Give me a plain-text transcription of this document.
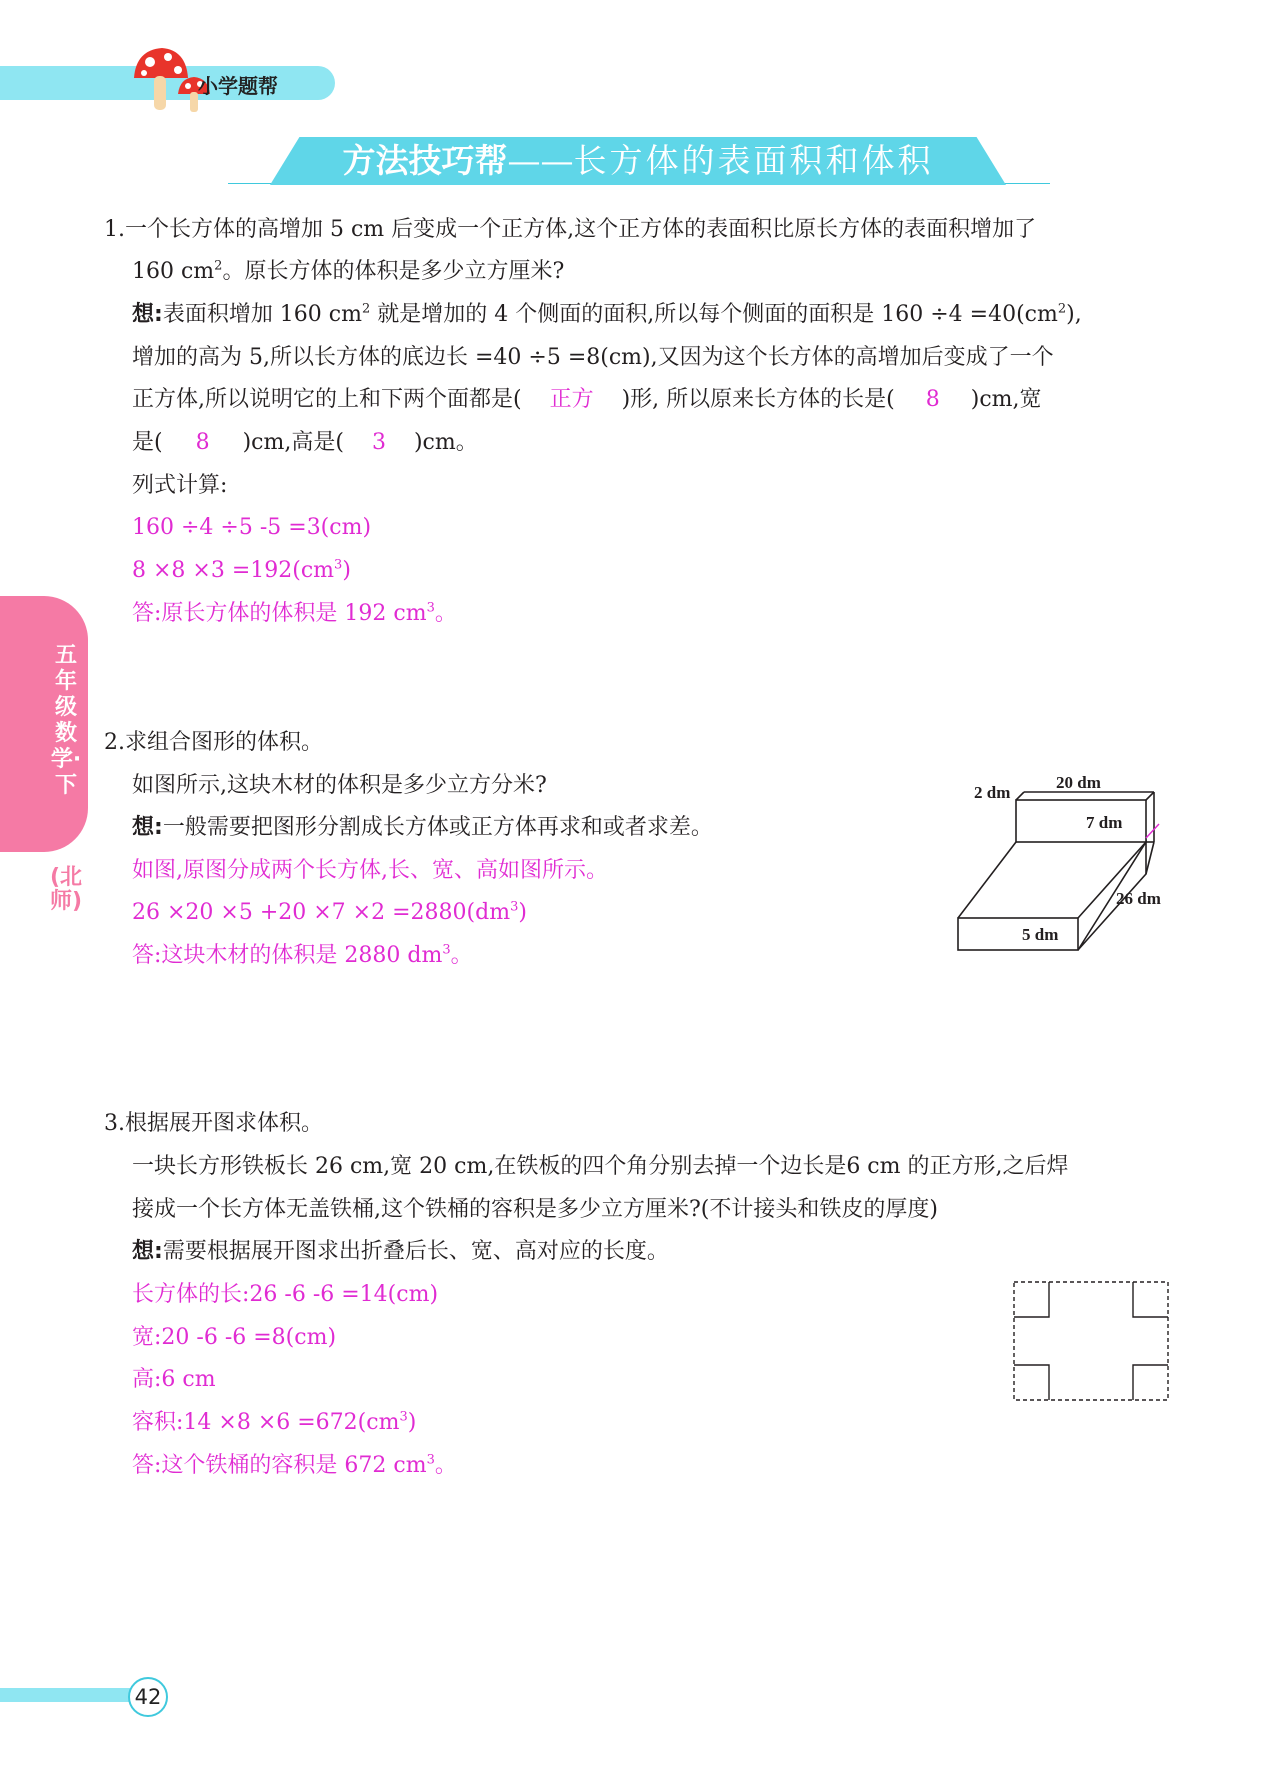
小学题帮
方法技巧帮——长方体的表面积和体积
五年级数学·下
(北师)
1.一个长方体的高增加 5 cm 后变成一个正方体,这个正方体的表面积比原长方体的表面积增加了
160 $cm^2$。原长方体的体积是多少立方厘米?
想:表面积增加 160 $cm^2$ 就是增加的 4 个侧面的面积,所以每个侧面的面积是 $160 \div 4 =40(cm^2)$,
增加的高为 5,所以长方体的底边长 =40 ÷5 =8(cm),又因为这个长方体的高增加后变成了一个
正方体,所以说明它的上和下两个面都是( 正方 )形, 所以原来长方体的长是( 8 )cm,宽
是( 8 )cm,高是( 3 )cm。
列式计算:
160 ÷4 ÷5 -5 =3(cm)
$8 \times 8 \times 3 =192(cm^3)$
答:原长方体的体积是 192 $cm^3$。
2.求组合图形的体积。
如图所示,这块木材的体积是多少立方分米?
想:一般需要把图形分割成长方体或正方体再求和或者求差。
如图,原图分成两个长方体,长、宽、高如图所示。
$26 \times 20 \times 5 +20 \times 7 \times 2 =2880(dm^3)$
答:这块木材的体积是 2880 $dm^3$。
2 dm
20 dm
7 dm
26 dm
5 dm
3.根据展开图求体积。
一块长方形铁板长 26 cm,宽 20 cm,在铁板的四个角分别去掉一个边长是6 cm 的正方形,之后焊
接成一个长方体无盖铁桶,这个铁桶的容积是多少立方厘米?(不计接头和铁皮的厚度)
想:需要根据展开图求出折叠后长、宽、高对应的长度。
长方体的长:26 -6 -6 =14(cm)
宽:20 -6 -6 =8(cm)
高:6 cm
容积:14 $\times 8 \times 6 =672(cm^3)$
答:这个铁桶的容积是 672 $cm^3$。
42
